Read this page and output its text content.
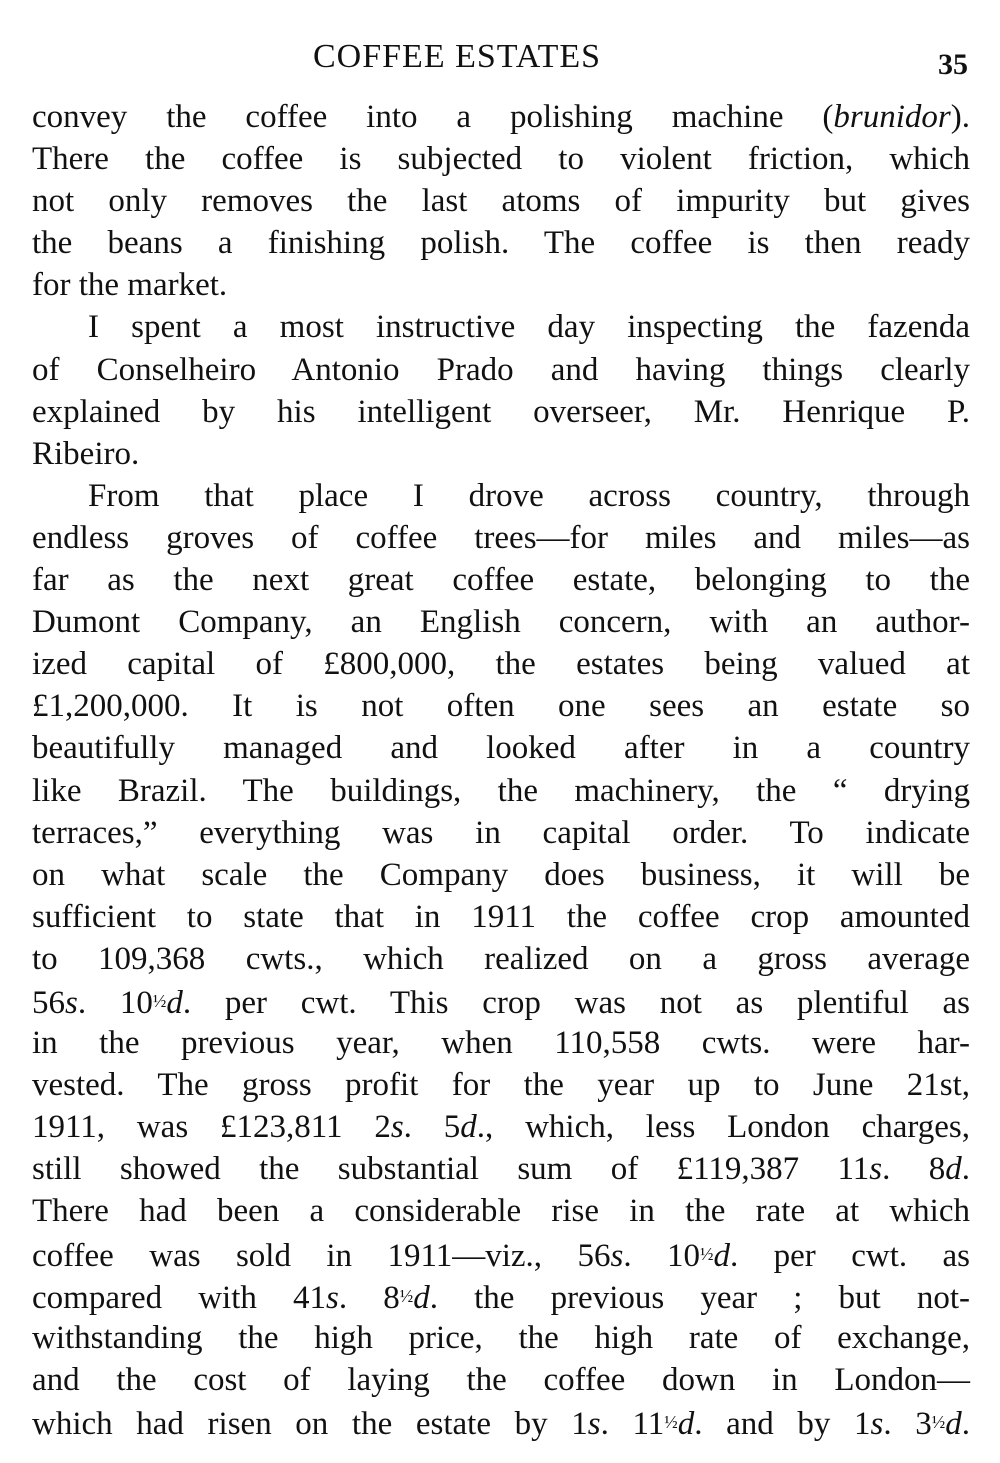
COFFEE ESTATES	35
convey the coffee into a polishing machine (brunidor).
There the coffee is subjected to violent friction, which
not only removes the last atoms of impurity but gives
the beans a finishing polish. The coffee is then ready
for the market.
I spent a most instructive day inspecting the fazenda
of Conselheiro Antonio Prado and having things clearly
explained by his intelligent overseer, Mr. Henrique P.
Ribeiro.
From that place I drove across country, through
endless groves of coffee trees—for miles and miles—as
far as the next great coffee estate, belonging to the
Dumont Company, an English concern, with an author-
ized capital of £800,000, the estates being valued at
£1,200,000. It is not often one sees an estate so
beautifully managed and looked after in a country
like Brazil. The buildings, the machinery, the “ drying
terraces,” everything was in capital order. To indicate
on what scale the Company does business, it will be
sufficient to state that in 1911 the coffee crop amounted
to 109,368 cwts., which realized on a gross average
56s. 10½d. per cwt. This crop was not as plentiful as
in the previous year, when 110,558 cwts. were har-
vested. The gross profit for the year up to June 21st,
1911, was £123,811 2s. 5d., which, less London charges,
still showed the substantial sum of £119,387 11s. 8d.
There had been a considerable rise in the rate at which
coffee was sold in 1911—viz., 56s. 10½d. per cwt. as
compared with 41s. 8½d. the previous year ; but not-
withstanding the high price, the high rate of exchange,
and the cost of laying the coffee down in London—
which had risen on the estate by 1s. 11½d. and by 1s. 3½d.
